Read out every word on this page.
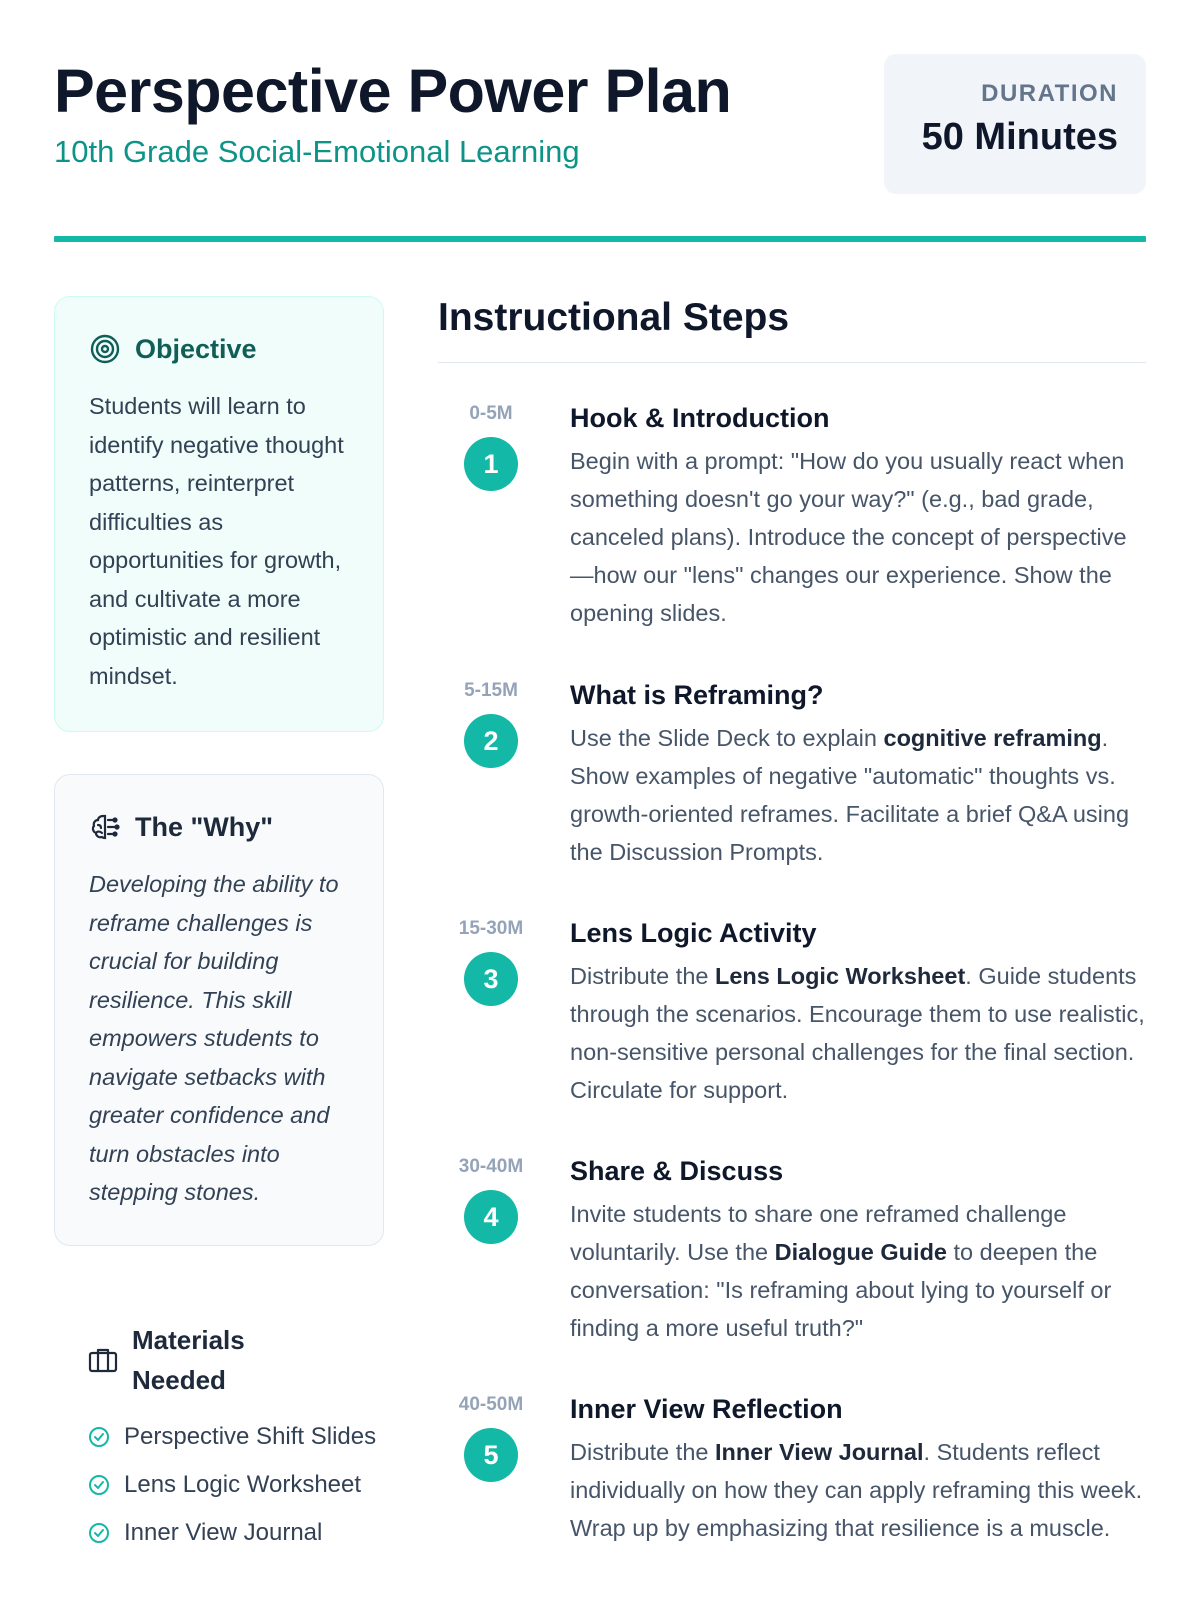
Perspective Power Plan
10th Grade Social-Emotional Learning
DURATION
50 Minutes
Objective

Students will learn to identify negative thought patterns, reinterpret difficulties as opportunities for growth, and cultivate a more optimistic and resilient mindset.

The "Why"

Developing the ability to reframe challenges is crucial for building resilience. This skill empowers students to navigate setbacks with greater confidence and turn obstacles into stepping stones.

Materials Needed
Perspective Shift Slides
Lens Logic Worksheet
Inner View Journal
Instructional Steps
0-5M
1
Hook & Introduction

Begin with a prompt: "How do you usually react when something doesn't go your way?" (e.g., bad grade, canceled plans). Introduce the concept of perspective—how our "lens" changes our experience. Show the opening slides.

5-15M
2
What is Reframing?

Use the Slide Deck to explain cognitive reframing. Show examples of negative "automatic" thoughts vs. growth-oriented reframes. Facilitate a brief Q&A using the Discussion Prompts.

15-30M
3
Lens Logic Activity

Distribute the Lens Logic Worksheet. Guide students through the scenarios. Encourage them to use realistic, non-sensitive personal challenges for the final section. Circulate for support.

30-40M
4
Share & Discuss

Invite students to share one reframed challenge voluntarily. Use the Dialogue Guide to deepen the conversation: "Is reframing about lying to yourself or finding a more useful truth?"

40-50M
5
Inner View Reflection

Distribute the Inner View Journal. Students reflect individually on how they can apply reframing this week. Wrap up by emphasizing that resilience is a muscle.
